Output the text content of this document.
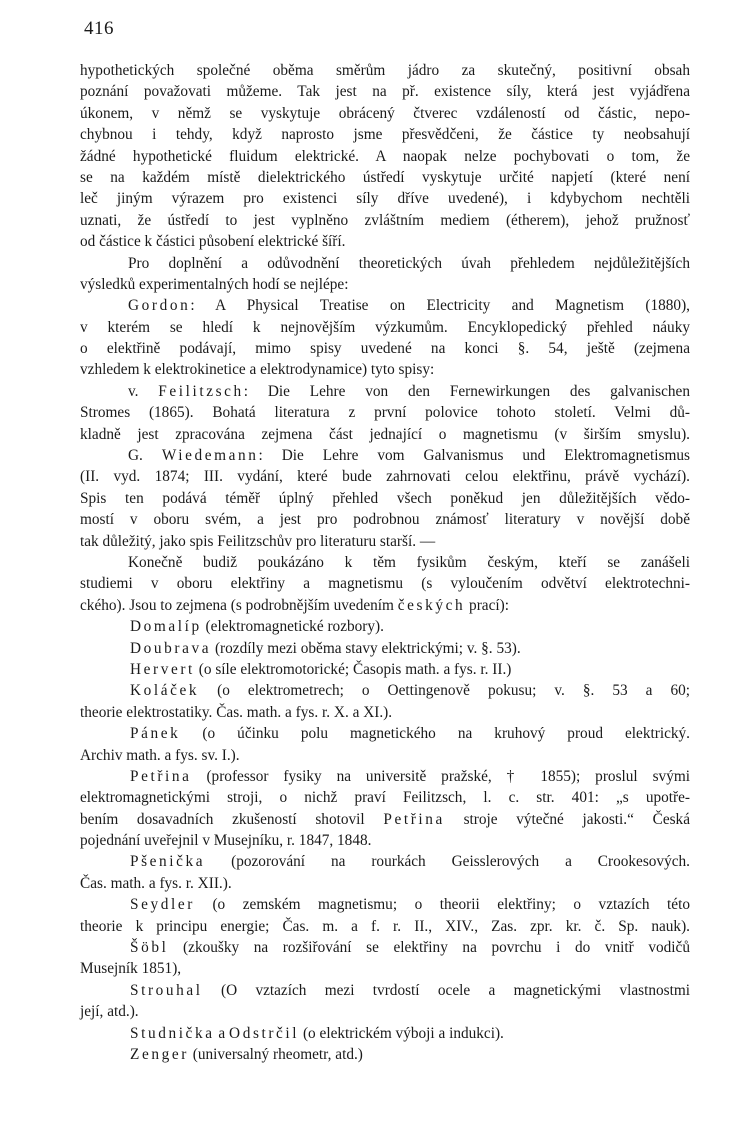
416
hypothetických společné oběma směrům jádro za skutečný, positivní obsah
poznání považovati můžeme. Tak jest na př. existence síly, která jest vyjádřena
úkonem, v němž se vyskytuje obrácený čtverec vzdáleností od částic, nepo-
chybnou i tehdy, když naprosto jsme přesvědčeni, že částice ty neobsahují
žádné hypothetické fluidum elektrické. A naopak nelze pochybovati o tom, že
se na každém místě dielektrického ústředí vyskytuje určité napjetí (které není
leč jiným výrazem pro existenci síly dříve uvedené), i kdybychom nechtěli
uznati, že ústředí to jest vyplněno zvláštním mediem (étherem), jehož pružnosť
od částice k částici působení elektrické šíří.
Pro doplnění a odůvodnění theoretických úvah přehledem nejdůležitějších
výsledků experimentalných hodí se nejlépe:
Gordon: A Physical Treatise on Electricity and Magnetism (1880),
v kterém se hledí k nejnovějším výzkumům. Encyklopedický přehled náuky
o elektřině podávají, mimo spisy uvedené na konci §. 54, ještě (zejmena
vzhledem k elektrokinetice a elektrodynamice) tyto spisy:
v. Feilitzsch: Die Lehre von den Fernewirkungen des galvanischen
Stromes (1865). Bohatá literatura z první polovice tohoto století. Velmi dů-
kladně jest zpracována zejmena část jednající o magnetismu (v širším smyslu).
G. Wiedemann: Die Lehre vom Galvanismus und Elektromagnetismus
(II. vyd. 1874; III. vydání, které bude zahrnovati celou elektřinu, právě vychází).
Spis ten podává téměř úplný přehled všech poněkud jen důležitějších vědo-
mostí v oboru svém, a jest pro podrobnou známosť literatury v novější době
tak důležitý, jako spis Feilitzschův pro literaturu starší. —
Konečně budiž poukázáno k těm fysikům českým, kteří se zanášeli
studiemi v oboru elektřiny a magnetismu (s vyloučením odvětví elektrotechni-
ckého). Jsou to zejmena (s podrobnějším uvedením českých prací):
Domalíp (elektromagnetické rozbory).
Doubrava (rozdíly mezi oběma stavy elektrickými; v. §. 53).
Hervert (o síle elektromotorické; Časopis math. a fys. r. II.)
Koláček (o elektrometrech; o Oettingenově pokusu; v. §. 53 a 60;
theorie elektrostatiky. Čas. math. a fys. r. X. a XI.).
Pánek (o účinku polu magnetického na kruhový proud elektrický.
Archiv math. a fys. sv. I.).
Petřina (professor fysiky na universitě pražské, † 1855); proslul svými
elektromagnetickými stroji, o nichž praví Feilitzsch, l. c. str. 401: „s upotře-
bením dosavadních zkušeností shotovil Petřina stroje výtečné jakosti.“ Česká
pojednání uveřejnil v Musejníku, r. 1847, 1848.
Pšenička (pozorování na rourkách Geisslerových a Crookesových.
Čas. math. a fys. r. XII.).
Seydler (o zemském magnetismu; o theorii elektřiny; o vztazích této
theorie k principu energie; Čas. m. a f. r. II., XIV., Zas. zpr. kr. č. Sp. nauk).
Šöbl (zkoušky na rozšiřování se elektřiny na povrchu i do vnitř vodičů
Musejník 1851),
Strouhal (O vztazích mezi tvrdostí ocele a magnetickými vlastnostmi
její, atd.).
Studnička a Odstrčil (o elektrickém výboji a indukci).
Zenger (universalný rheometr, atd.)
